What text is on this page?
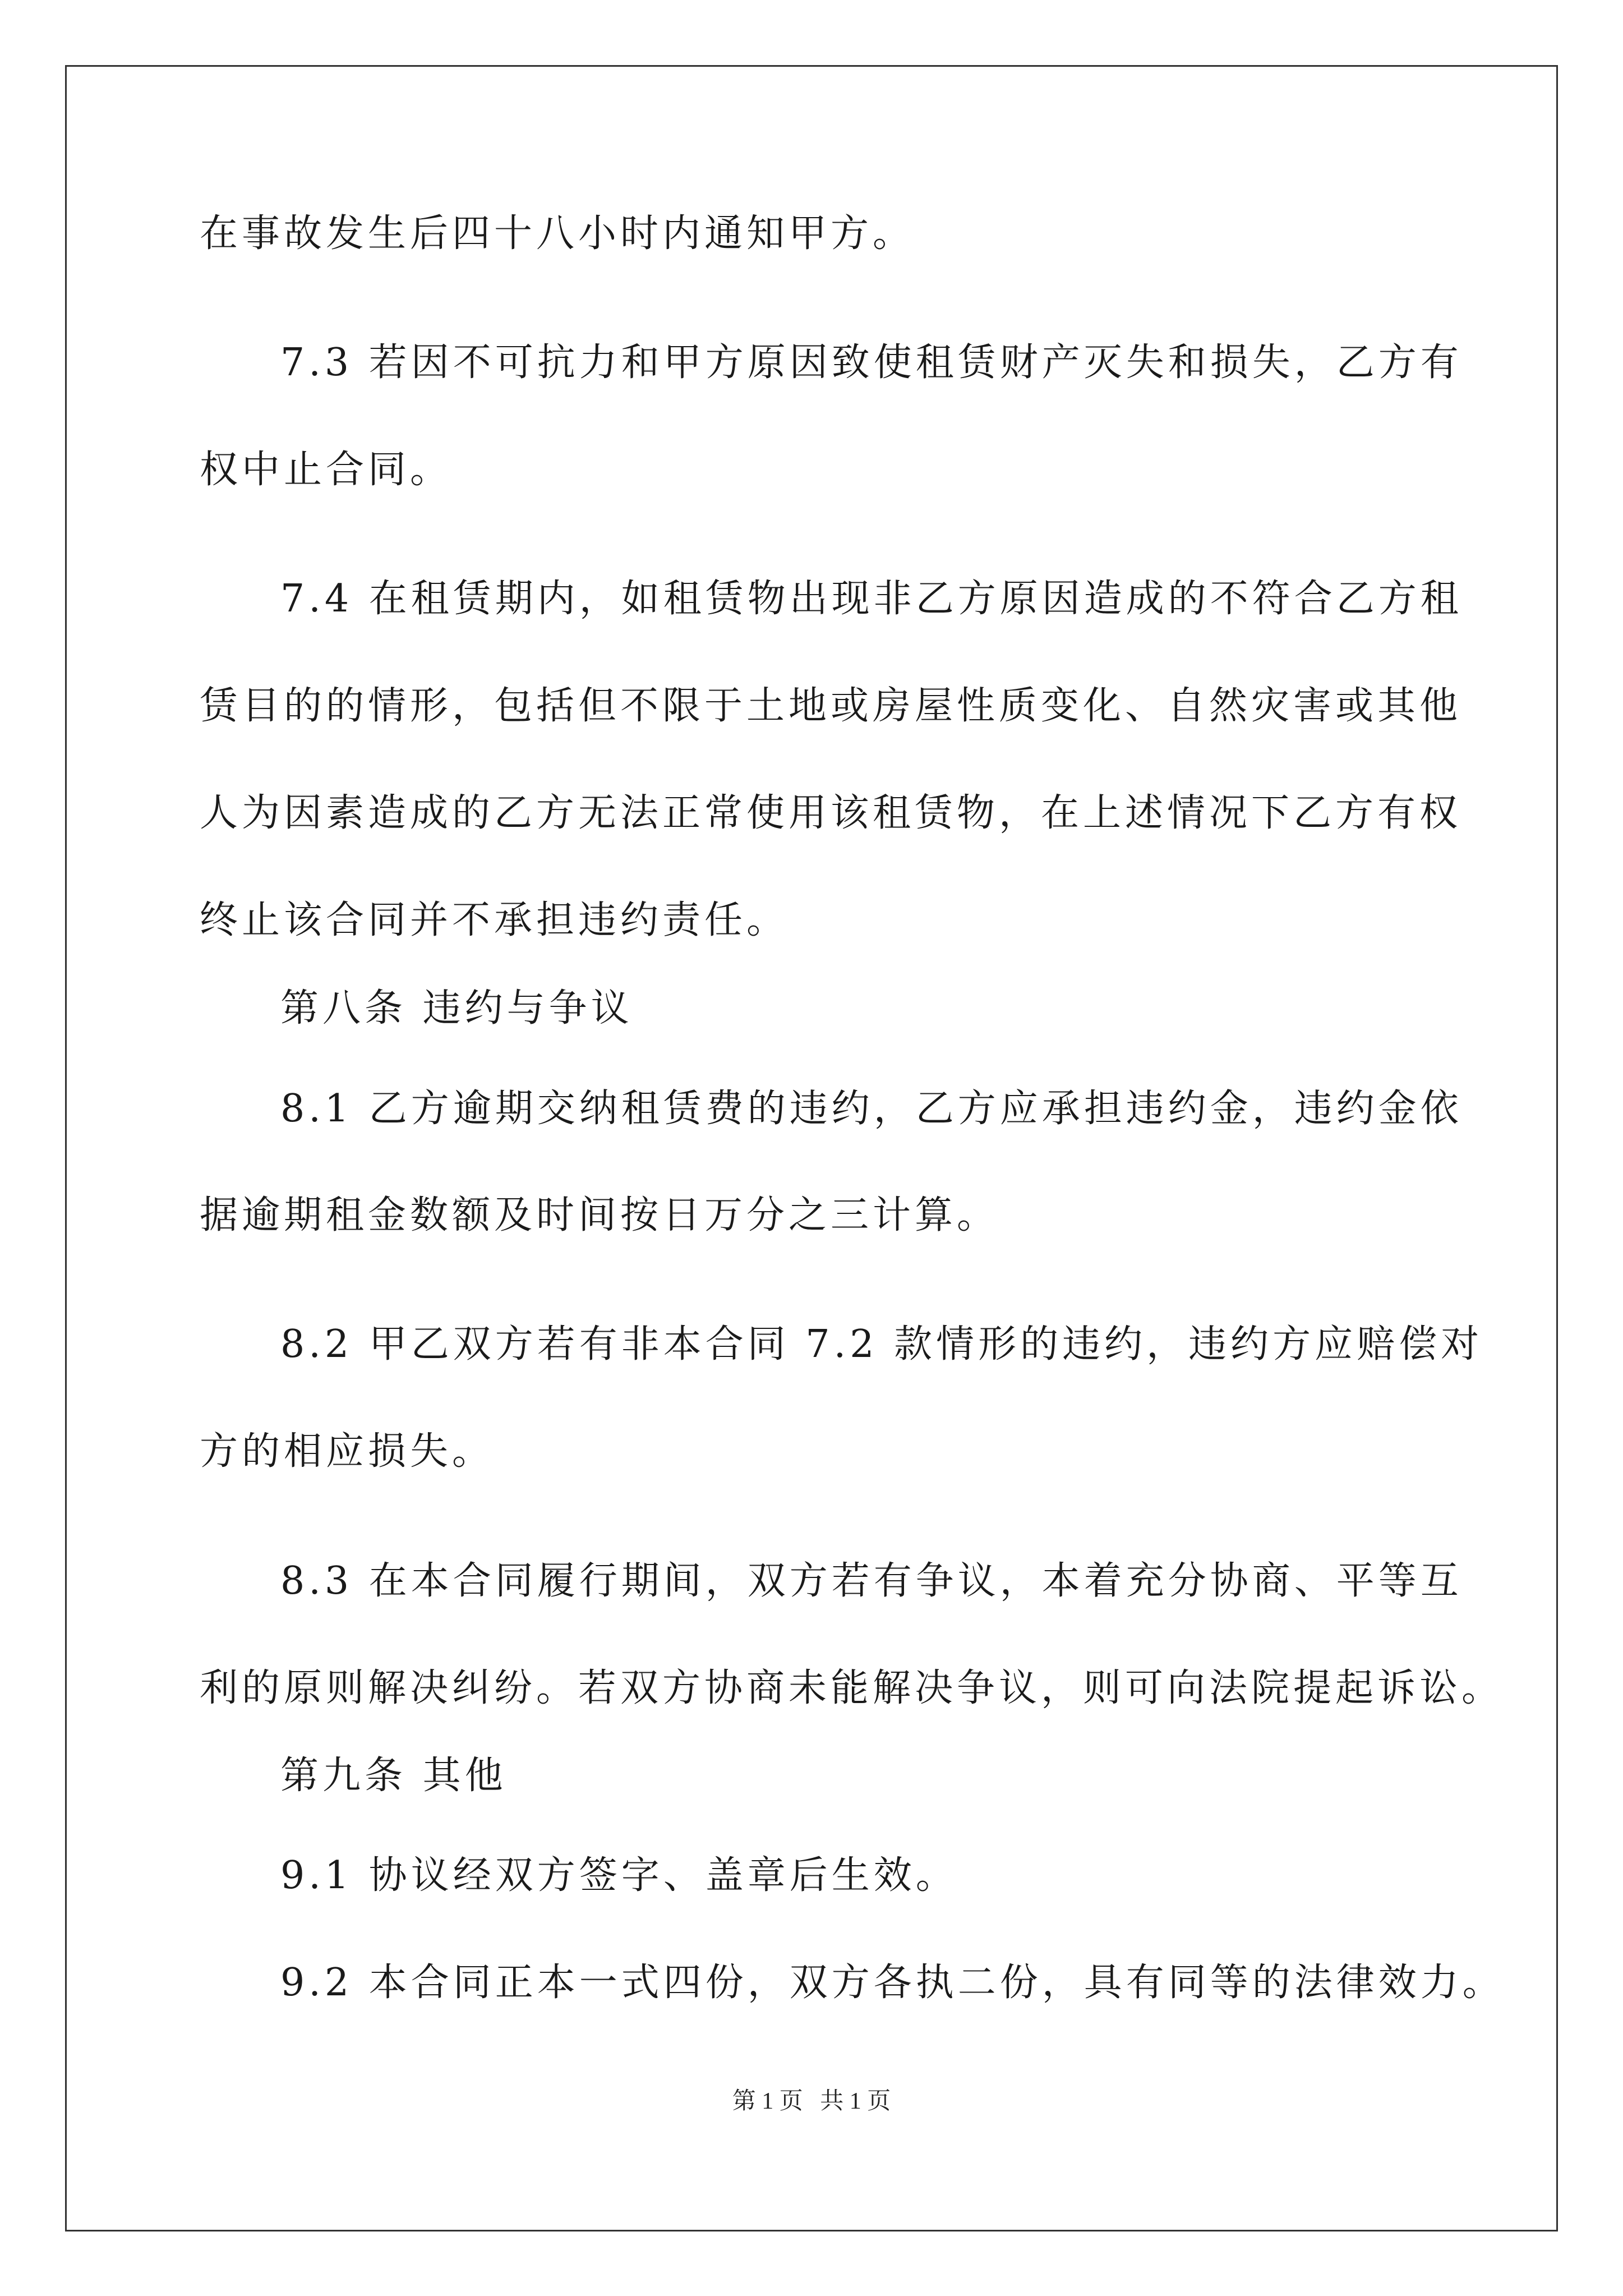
在事故发生后四十八小时内通知甲方。
7.3 若因不可抗力和甲方原因致使租赁财产灭失和损失，乙方有
权中止合同。
7.4 在租赁期内，如租赁物出现非乙方原因造成的不符合乙方租
赁目的的情形，包括但不限于土地或房屋性质变化、自然灾害或其他
人为因素造成的乙方无法正常使用该租赁物，在上述情况下乙方有权
终止该合同并不承担违约责任。
第八条 违约与争议
8.1 乙方逾期交纳租赁费的违约，乙方应承担违约金，违约金依
据逾期租金数额及时间按日万分之三计算。
8.2 甲乙双方若有非本合同 7.2 款情形的违约，违约方应赔偿对
方的相应损失。
8.3 在本合同履行期间，双方若有争议，本着充分协商、平等互
利的原则解决纠纷。若双方协商未能解决争议，则可向法院提起诉讼。
第九条 其他
9.1 协议经双方签字、盖章后生效。
9.2 本合同正本一式四份，双方各执二份，具有同等的法律效力。
第 1 页 共 1 页
